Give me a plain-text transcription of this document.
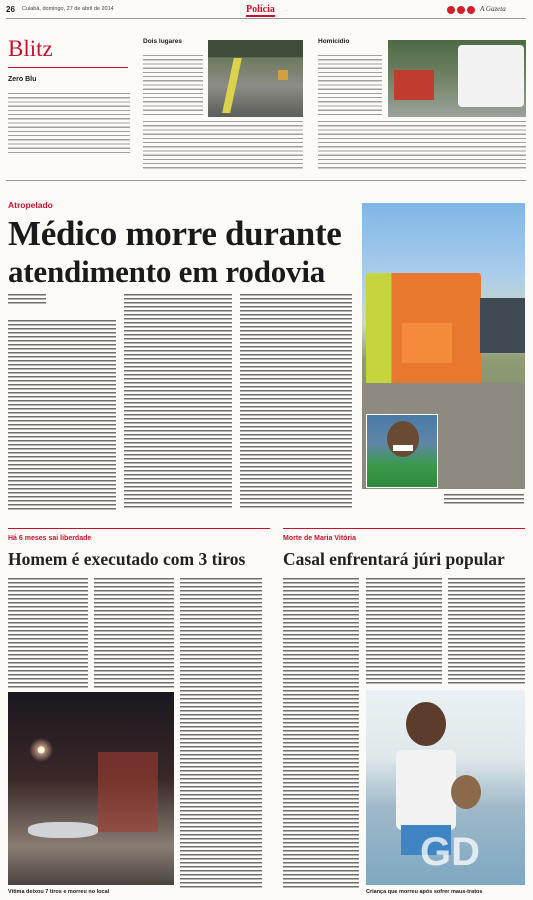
26 Cuiabá, domingo, 27 de abril de 2014	Polícia	A Gazeta
Blitz
Zero Blu
Dois lugares	Homicídio
Atropelado
Médico morre durante
atendimento em rodovia
Há 6 meses sai liberdade
Homem é executado com 3 tiros
Morte de Maria Vitória
Casal enfrentará júri popular
Vítima deixou 7 tiros e morreu no local
GD
Criança que morreu após sofrer maus-tratos
